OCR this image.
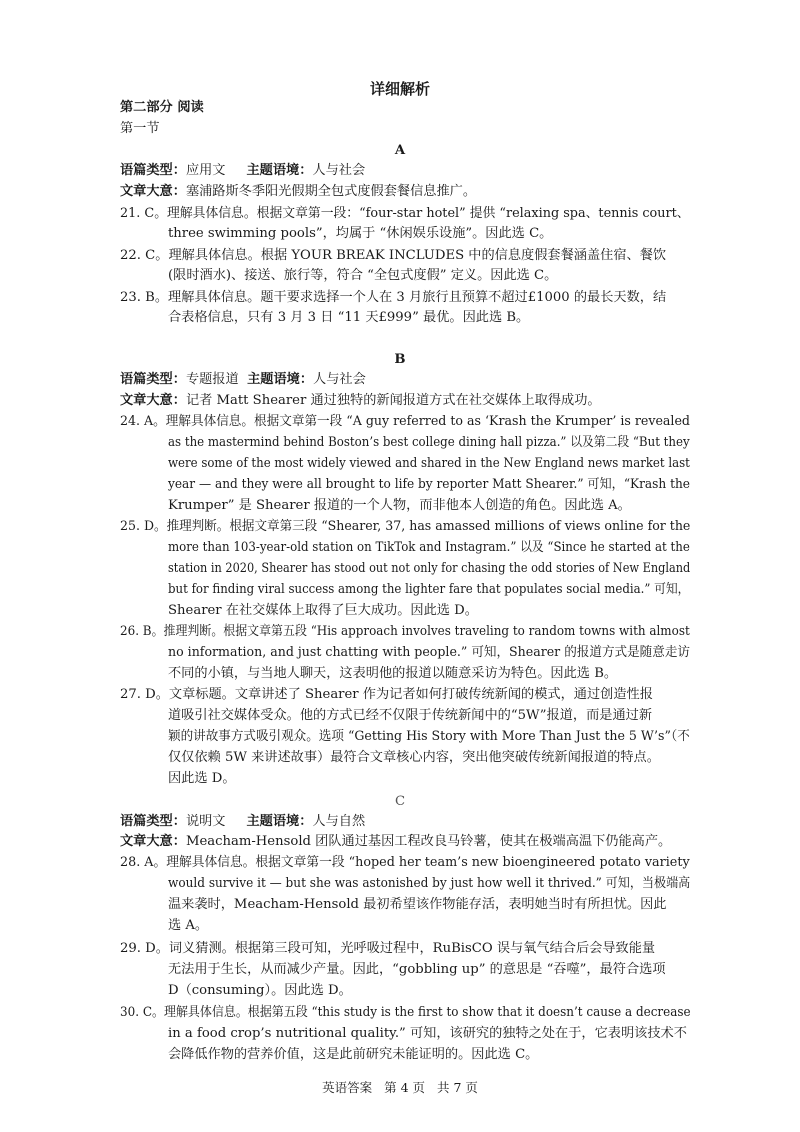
详细解析
第二部分 阅读
第一节
A
语篇类型：应用文 主题语境：人与社会
文章大意：塞浦路斯冬季阳光假期全包式度假套餐信息推广。
21. C。理解具体信息。根据文章第一段：“four-star hotel” 提供 “relaxing spa、tennis court、
three swimming pools”，均属于 “休闲娱乐设施”。因此选 C。
22. C。理解具体信息。根据 YOUR BREAK INCLUDES 中的信息度假套餐涵盖住宿、餐饮
(限时酒水)、接送、旅行等，符合 “全包式度假” 定义。因此选 C。
23. B。理解具体信息。题干要求选择一个人在 3 月旅行且预算不超过£1000 的最长天数，结
合表格信息，只有 3 月 3 日 “11 天£999” 最优。因此选 B。
B
语篇类型：专题报道 主题语境：人与社会
文章大意：记者 Matt Shearer 通过独特的新闻报道方式在社交媒体上取得成功。
24. A。理解具体信息。根据文章第一段 “A guy referred to as ‘Krash the Krumper’ is revealed
as the mastermind behind Boston’s best college dining hall pizza.” 以及第二段 “But they
were some of the most widely viewed and shared in the New England news market last
year — and they were all brought to life by reporter Matt Shearer.” 可知，“Krash the
Krumper” 是 Shearer 报道的一个人物，而非他本人创造的角色。因此选 A。
25. D。推理判断。根据文章第三段 “Shearer, 37, has amassed millions of views online for the
more than 103-year-old station on TikTok and Instagram.” 以及 “Since he started at the
station in 2020, Shearer has stood out not only for chasing the odd stories of New England
but for finding viral success among the lighter fare that populates social media.” 可知，
Shearer 在社交媒体上取得了巨大成功。因此选 D。
26. B。推理判断。根据文章第五段 “His approach involves traveling to random towns with almost
no information, and just chatting with people.” 可知，Shearer 的报道方式是随意走访
不同的小镇，与当地人聊天，这表明他的报道以随意采访为特色。因此选 B。
27. D。文章标题。文章讲述了 Shearer 作为记者如何打破传统新闻的模式，通过创造性报
道吸引社交媒体受众。他的方式已经不仅限于传统新闻中的“5W”报道，而是通过新
颖的讲故事方式吸引观众。选项 “Getting His Story with More Than Just the 5 W’s”（不
仅仅依赖 5W 来讲述故事）最符合文章核心内容，突出他突破传统新闻报道的特点。
因此选 D。
C
语篇类型：说明文 主题语境：人与自然
文章大意：Meacham-Hensold 团队通过基因工程改良马铃薯，使其在极端高温下仍能高产。
28. A。理解具体信息。根据文章第一段 “hoped her team’s new bioengineered potato variety
would survive it — but she was astonished by just how well it thrived.” 可知，当极端高
温来袭时，Meacham-Hensold 最初希望该作物能存活，表明她当时有所担忧。因此
选 A。
29. D。词义猜测。根据第三段可知，光呼吸过程中，RuBisCO 误与氧气结合后会导致能量
无法用于生长，从而减少产量。因此，“gobbling up” 的意思是 “吞噬”，最符合选项
D（consuming）。因此选 D。
30. C。理解具体信息。根据第五段 “this study is the first to show that it doesn’t cause a decrease
in a food crop’s nutritional quality.” 可知，该研究的独特之处在于，它表明该技术不
会降低作物的营养价值，这是此前研究未能证明的。因此选 C。
英语答案 第 4 页 共 7 页
